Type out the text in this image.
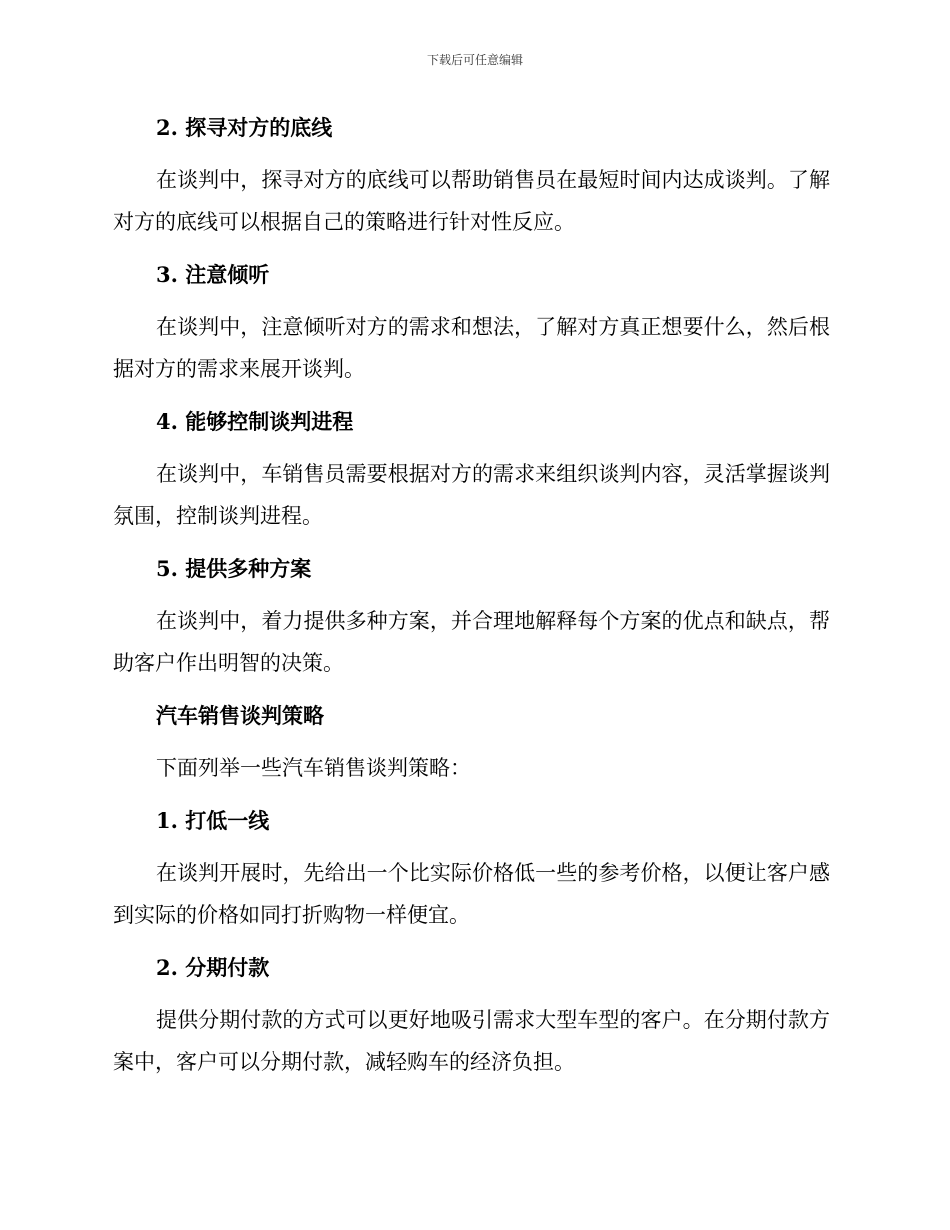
下载后可任意编辑
2. 探寻对方的底线

在谈判中，探寻对方的底线可以帮助销售员在最短时间内达成谈判。了解对方的底线可以根据自己的策略进行针对性反应。

3. 注意倾听

在谈判中，注意倾听对方的需求和想法，了解对方真正想要什么，然后根据对方的需求来展开谈判。

4. 能够控制谈判进程

在谈判中，车销售员需要根据对方的需求来组织谈判内容，灵活掌握谈判氛围，控制谈判进程。

5. 提供多种方案

在谈判中，着力提供多种方案，并合理地解释每个方案的优点和缺点，帮助客户作出明智的决策。

汽车销售谈判策略

下面列举一些汽车销售谈判策略：

1. 打低一线

在谈判开展时，先给出一个比实际价格低一些的参考价格，以便让客户感到实际的价格如同打折购物一样便宜。

2. 分期付款

提供分期付款的方式可以更好地吸引需求大型车型的客户。在分期付款方案中，客户可以分期付款，减轻购车的经济负担。
